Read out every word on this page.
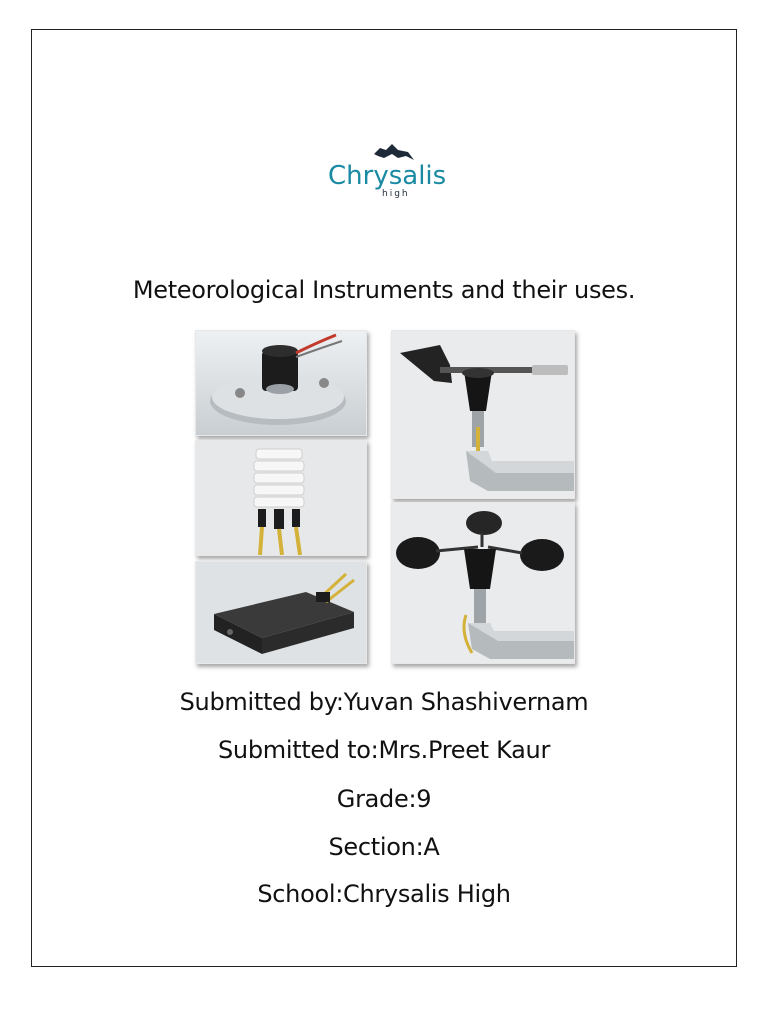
Chrysalis
high
Meteorological Instruments and their uses.
Submitted by:Yuvan Shashivernam
Submitted to:Mrs.Preet Kaur
Grade:9
Section:A
School:Chrysalis High
